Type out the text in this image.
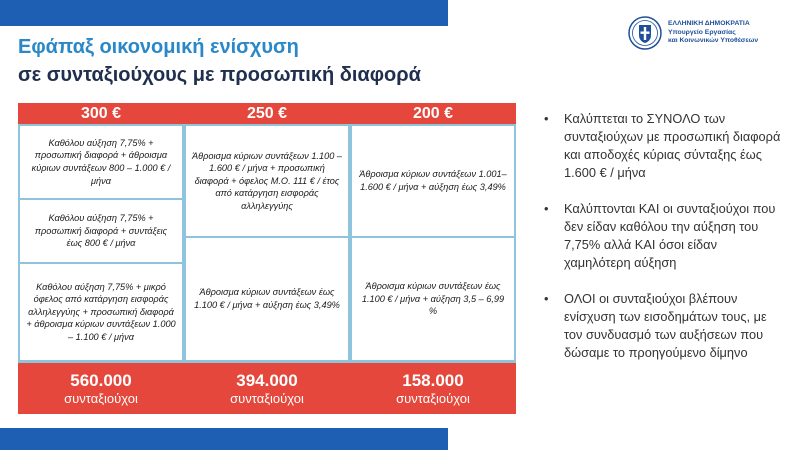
Εφάπαξ οικονομική ενίσχυση
σε συνταξιούχους με προσωπική διαφορά
ΕΛΛΗΝΙΚΗ ΔΗΜΟΚΡΑΤΙΑ
Υπουργείο Εργασίας
και Κοινωνικών Υποθέσεων
300 €
Καθόλου αύξηση 7,75% + προσωπική διαφορά + άθροισμα κύριων συντάξεων 800 – 1.000 € / μήνα
Καθόλου αύξηση 7,75% + προσωπική διαφορά + συντάξεις έως 800 € / μήνα
Καθόλου αύξηση 7,75% + μικρό όφελος από κατάργηση εισφοράς αλληλεγγύης + προσωπική διαφορά + άθροισμα κύριων συντάξεων 1.000 – 1.100 € / μήνα
560.000
συνταξιούχοι
250 €
Άθροισμα κύριων συντάξεων 1.100 – 1.600 € / μήνα + προσωπική διαφορά + όφελος Μ.Ο. 111 € / έτος από κατάργηση εισφοράς αλληλεγγύης
Άθροισμα κύριων συντάξεων έως 1.100 € / μήνα + αύξηση έως 3,49%
394.000
συνταξιούχοι
200 €
Άθροισμα κύριων συντάξεων 1.001– 1.600 € / μήνα + αύξηση έως 3,49%
Άθροισμα κύριων συντάξεων έως 1.100 € / μήνα + αύξηση 3,5 – 6,99 %
158.000
συνταξιούχοι
• Καλύπτεται το ΣΥΝΟΛΟ των συνταξιούχων με προσωπική διαφορά και αποδοχές κύριας σύνταξης έως 1.600 € / μήνα
• Καλύπτονται ΚΑΙ οι συνταξιούχοι που δεν είδαν καθόλου την αύξηση του 7,75% αλλά ΚΑΙ όσοι είδαν χαμηλότερη αύξηση
• ΟΛΟΙ οι συνταξιούχοι βλέπουν ενίσχυση των εισοδημάτων τους, με τον συνδυασμό των αυξήσεων που δώσαμε το προηγούμενο δίμηνο
